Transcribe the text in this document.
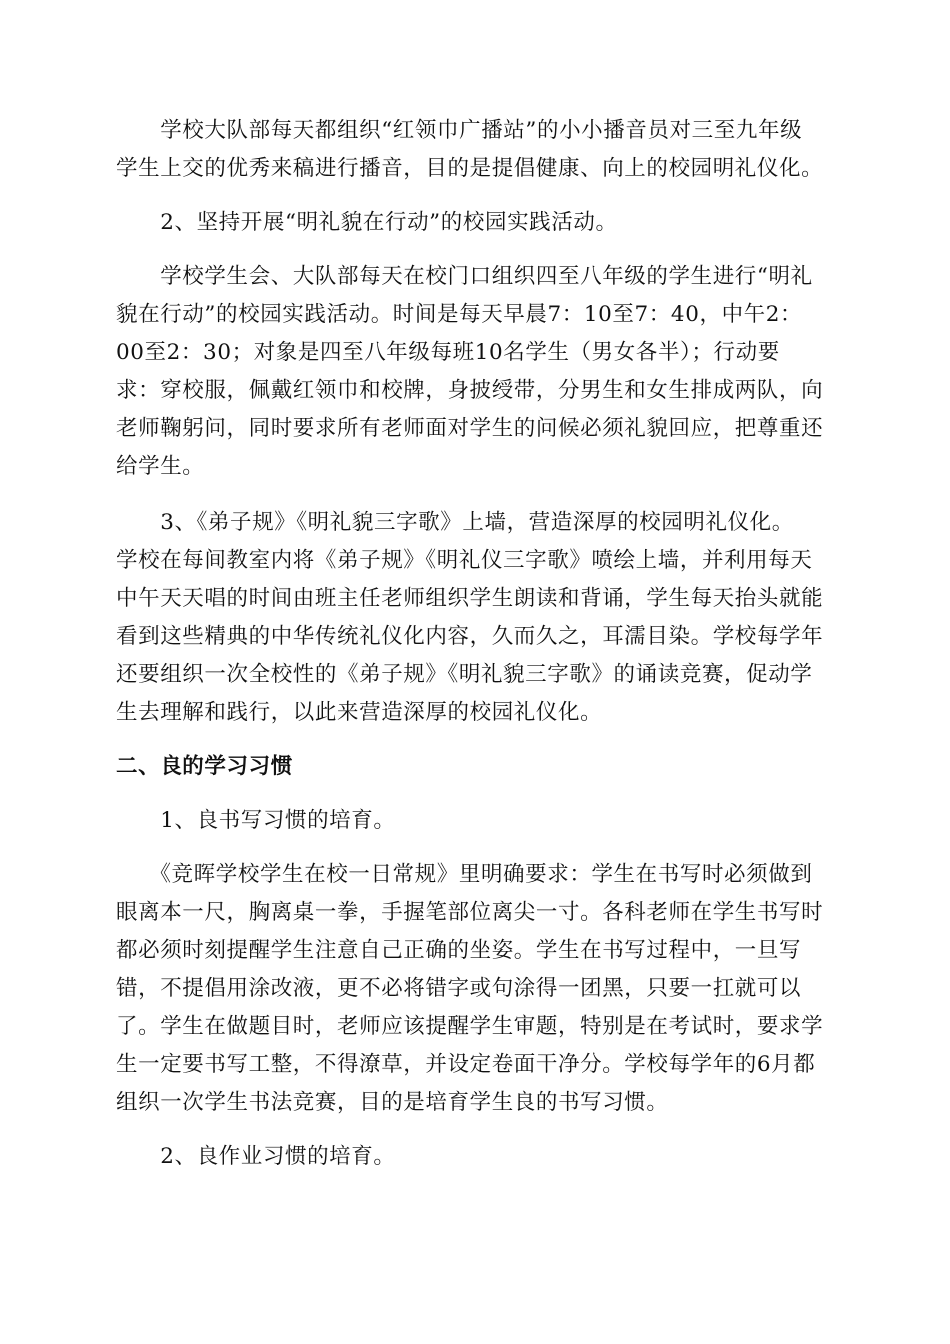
　　学校大队部每天都组织“红领巾广播站”的小小播音员对三至九年级
学生上交的优秀来稿进行播音，目的是提倡健康、向上的校园明礼仪化。
　　2、坚持开展“明礼貌在行动”的校园实践活动。
　　学校学生会、大队部每天在校门口组织四至八年级的学生进行“明礼
貌在行动”的校园实践活动。时间是每天早晨7：10至7：40，中午2：
00至2：30；对象是四至八年级每班10名学生（男女各半）；行动要
求：穿校服，佩戴红领巾和校牌，身披绶带，分男生和女生排成两队，向
老师鞠躬问，同时要求所有老师面对学生的问候必须礼貌回应，把尊重还
给学生。
　　3、《弟子规》《明礼貌三字歌》上墙，营造深厚的校园明礼仪化。
学校在每间教室内将《弟子规》《明礼仪三字歌》喷绘上墙，并利用每天
中午天天唱的时间由班主任老师组织学生朗读和背诵，学生每天抬头就能
看到这些精典的中华传统礼仪化内容，久而久之，耳濡目染。学校每学年
还要组织一次全校性的《弟子规》《明礼貌三字歌》的诵读竞赛，促动学
生去理解和践行，以此来营造深厚的校园礼仪化。
二、良的学习习惯
　　1、良书写习惯的培育。
　　《竞晖学校学生在校一日常规》里明确要求：学生在书写时必须做到
眼离本一尺，胸离桌一拳，手握笔部位离尖一寸。各科老师在学生书写时
都必须时刻提醒学生注意自己正确的坐姿。学生在书写过程中，一旦写
错，不提倡用涂改液，更不必将错字或句涂得一团黑，只要一扛就可以
了。学生在做题目时，老师应该提醒学生审题，特别是在考试时，要求学
生一定要书写工整，不得潦草，并设定卷面干净分。学校每学年的6月都
组织一次学生书法竞赛，目的是培育学生良的书写习惯。
　　2、良作业习惯的培育。
